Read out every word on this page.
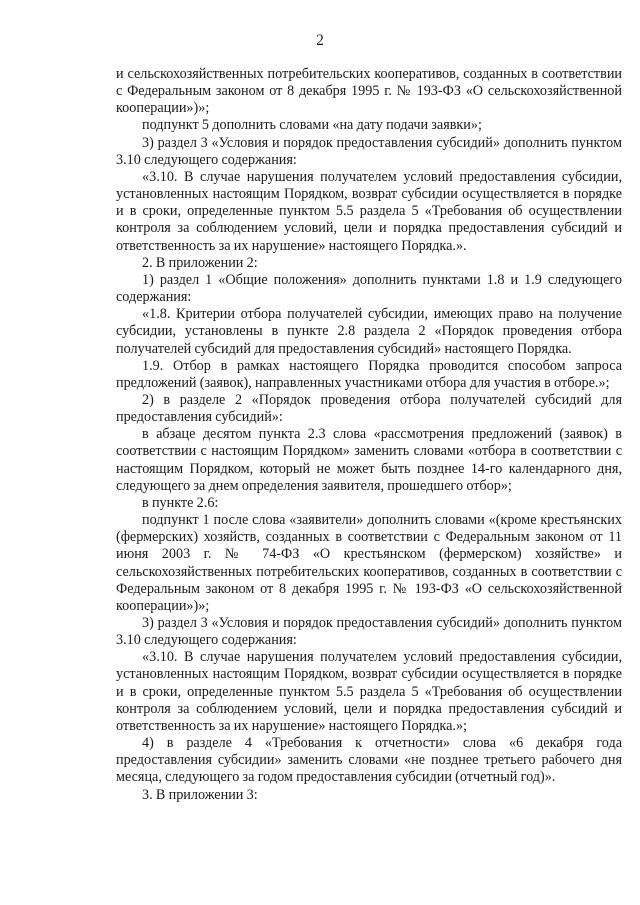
2

и сельскохозяйственных потребительских кооперативов, созданных в соответствии с Федеральным законом от 8 декабря 1995 г. № 193-ФЗ «О сельскохозяйственной кооперации»)»;

подпункт 5 дополнить словами «на дату подачи заявки»;

3) раздел 3 «Условия и порядок предоставления субсидий» дополнить пунктом 3.10 следующего содержания:

«3.10. В случае нарушения получателем условий предоставления субсидии, установленных настоящим Порядком, возврат субсидии осуществляется в порядке и в сроки, определенные пунктом 5.5 раздела 5 «Требования об осуществлении контроля за соблюдением условий, цели и порядка предоставления субсидий и ответственность за их нарушение» настоящего Порядка.».

2. В приложении 2:

1) раздел 1 «Общие положения» дополнить пунктами 1.8 и 1.9 следующего содержания:

«1.8. Критерии отбора получателей субсидии, имеющих право на получение субсидии, установлены в пункте 2.8 раздела 2 «Порядок проведения отбора получателей субсидий для предоставления субсидий» настоящего Порядка.

1.9. Отбор в рамках настоящего Порядка проводится способом запроса предложений (заявок), направленных участниками отбора для участия в отборе.»;

2) в разделе 2 «Порядок проведения отбора получателей субсидий для предоставления субсидий»:

в абзаце десятом пункта 2.3 слова «рассмотрения предложений (заявок) в соответствии с настоящим Порядком» заменить словами «отбора в соответствии с настоящим Порядком, который не может быть позднее 14-го календарного дня, следующего за днем определения заявителя, прошедшего отбор»;

в пункте 2.6:

подпункт 1 после слова «заявители» дополнить словами «(кроме крестьянских (фермерских) хозяйств, созданных в соответствии с Федеральным законом от 11 июня 2003 г. № 74-ФЗ «О крестьянском (фермерском) хозяйстве» и сельскохозяйственных потребительских кооперативов, созданных в соответствии с Федеральным законом от 8 декабря 1995 г. № 193-ФЗ «О сельскохозяйственной кооперации»)»;

3) раздел 3 «Условия и порядок предоставления субсидий» дополнить пунктом 3.10 следующего содержания:

«3.10. В случае нарушения получателем условий предоставления субсидии, установленных настоящим Порядком, возврат субсидии осуществляется в порядке и в сроки, определенные пунктом 5.5 раздела 5 «Требования об осуществлении контроля за соблюдением условий, цели и порядка предоставления субсидий и ответственность за их нарушение» настоящего Порядка.»;

4) в разделе 4 «Требования к отчетности» слова «6 декабря года предоставления субсидии» заменить словами «не позднее третьего рабочего дня месяца, следующего за годом предоставления субсидии (отчетный год)».

3. В приложении 3:
